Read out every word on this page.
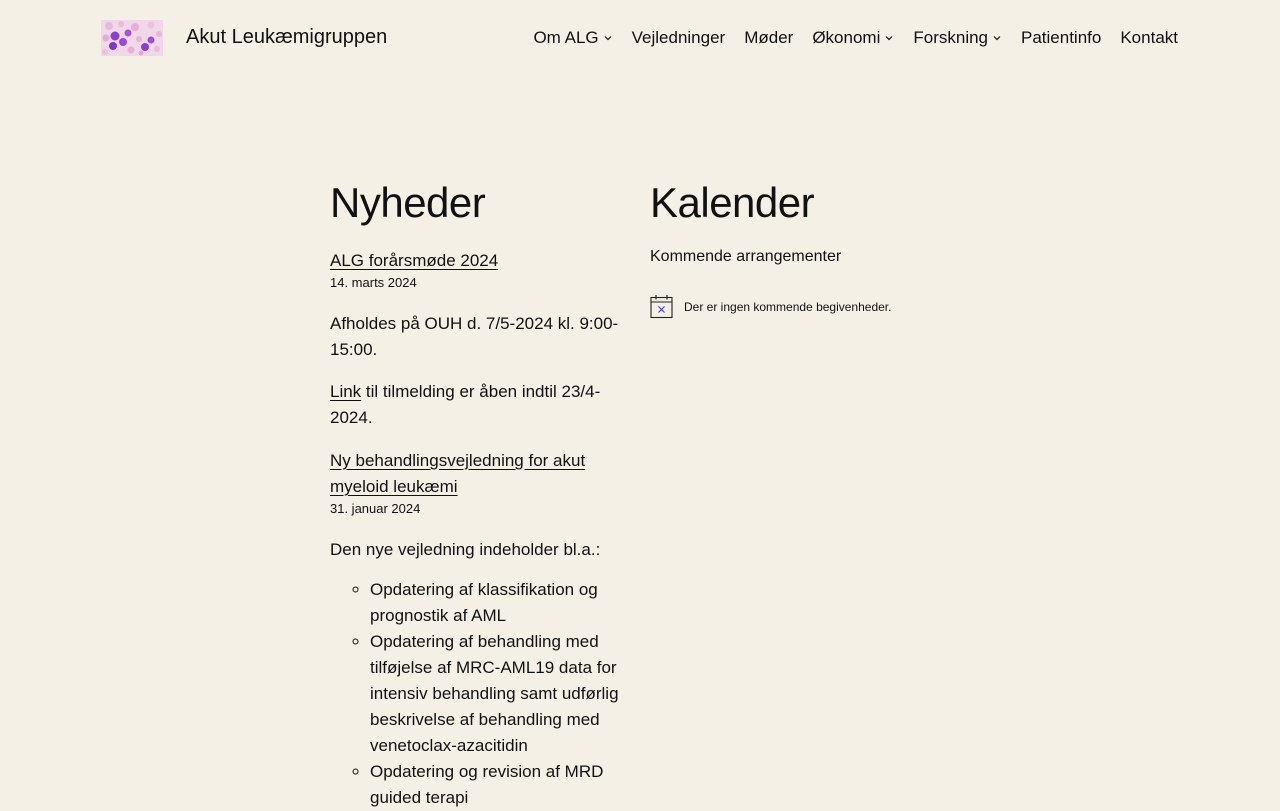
Akut Leukæmigruppen	Om ALG Vejledninger Møder Økonomi Forskning Patientinfo Kontakt
Nyheder
ALG forårsmøde 2024
14. marts 2024

Afholdes på OUH d. 7/5-2024 kl. 9:00-15:00.

Link til tilmelding er åben indtil 23/4-2024.

Ny behandlingsvejledning for akut myeloid leukæmi
31. januar 2024

Den nye vejledning indeholder bl.a.:

◦ Opdatering af klassifikation og prognostik af AML
◦ Opdatering af behandling med tilføjelse af MRC-AML19 data for intensiv behandling samt udførlig beskrivelse af behandling med venetoclax-azacitidin
◦ Opdatering og revision af MRD guided terapi
Kalender
Kommende arrangementer
Der er ingen kommende begivenheder.
